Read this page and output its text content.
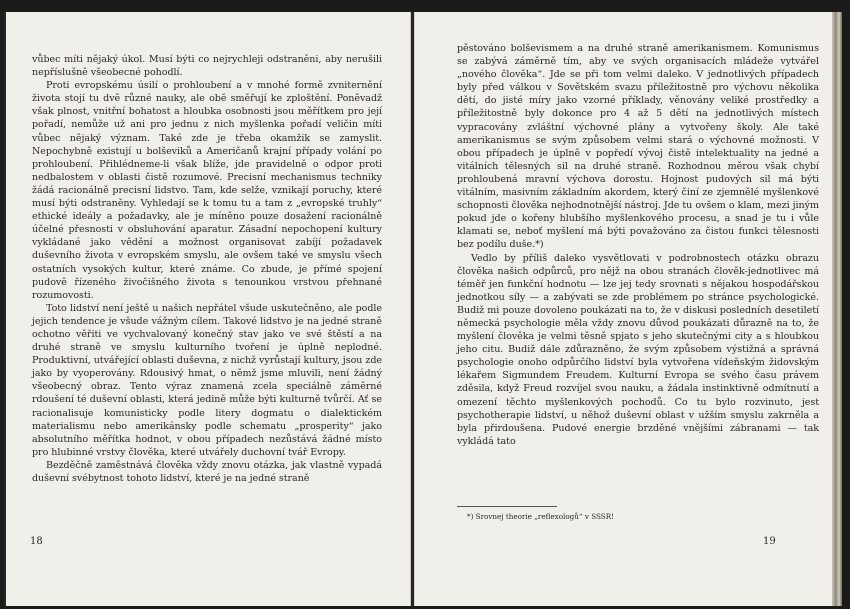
vůbec míti nějaký úkol. Musí býti co nejrychleji odstraněni, aby nerušili nepříslušně všeobecné pohodlí.

Proti evropskému úsilí o prohloubení a v mnohé formě zvniternění života stojí tu dvě různé nauky, ale obě směřují ke zploštění. Poněvadž však plnost, vnitřní bohatost a hloubka osobnosti jsou měřítkem pro její pořadí, nemůže už ani pro jednu z nich myšlenka pořadí veličin míti vůbec nějaký význam. Také zde je třeba okamžik se zamyslit. Nepochybně existují u bolševiků a Američanů krajní případy volání po prohloubení. Přihlédneme-li však blíže, jde pravidelně o odpor proti nedbalostem v oblasti čistě rozumové. Precisní mechanismus techniky žádá racionálně precisní lidstvo. Tam, kde selže, vznikají poruchy, které musí býti odstraněny. Vyhledají se k tomu tu a tam z „evropské truhly“ ethické ideály a požadavky, ale je míněno pouze dosažení racionálně účelné přesnosti v obsluhování aparatur. Zásadní nepochopení kultury vykládané jako vědění a možnost organisovat zabíjí požadavek duševního života v evropském smyslu, ale ovšem také ve smyslu všech ostatních vysokých kultur, které známe. Co zbude, je přímé spojení pudově řízeného živočišného života s tenounkou vrstvou přehnané rozumovosti.

Toto lidství není ještě u našich nepřátel všude uskutečněno, ale podle jejich tendence je všude vážným cílem. Takové lidstvo je na jedné straně ochotno věřiti ve vychvalovaný konečný stav jako ve své štěstí a na druhé straně ve smyslu kulturního tvoření je úplně neplodné. Produktivní, utvářející oblasti duševna, z nichž vyrůstají kultury, jsou zde jako by vyoperovány. Rdousivý hmat, o němž jsme mluvili, není žádný všeobecný obraz. Tento výraz znamená zcela speciálně záměrné rdoušení té duševní oblasti, která jedině může býti kulturně tvůrčí. Ať se racionalisuje komunisticky podle litery dogmatu o dialektickém materialismu nebo amerikánsky podle schematu „prosperity“ jako absolutního měřítka hodnot, v obou případech nezůstává žádné místo pro hlubinné vrstvy člověka, které utvářely duchovní tvář Evropy.

Bezděčně zaměstnává člověka vždy znovu otázka, jak vlastně vypadá duševní svébytnost tohoto lidství, které je na jedné straně

18

pěstováno bolševismem a na druhé straně amerikanismem. Komunismus se zabývá záměrně tím, aby ve svých organisacích mládeže vytvářel „nového člověka“. Jde se při tom velmi daleko. V jednotlivých případech byly před válkou v Sovětském svazu příležitostně pro výchovu několika dětí, do jisté míry jako vzorné příklady, věnovány veliké prostředky a příležitostně byly dokonce pro 4 až 5 dětí na jednotlivých místech vypracovány zvláštní výchovné plány a vytvořeny školy. Ale také amerikanismus se svým způsobem velmi stará o výchovné možnosti. V obou případech je úplně v popředí vývoj čistě intelektuality na jedné a vitálních tělesných sil na druhé straně. Rozhodnou měrou však chybí prohloubená mravní výchova dorostu. Hojnost pudových sil má býti vitálním, masivním základním akordem, který činí ze zjemnělé myšlenkové schopnosti člověka nejhodnotnější nástroj. Jde tu ovšem o klam, mezi jiným pokud jde o kořeny hlubšího myšlenkového procesu, a snad je tu i vůle klamati se, neboť myšlení má býti považováno za čistou funkci tělesnosti bez podílu duše.*)

Vedlo by příliš daleko vysvětlovati v podrobnostech otázku obrazu člověka našich odpůrců, pro nějž na obou stranách člověk-jednotlivec má téměř jen funkční hodnotu — lze jej tedy srovnati s nějakou hospodářskou jednotkou síly — a zabývati se zde problémem po stránce psychologické. Budiž mi pouze dovoleno poukázati na to, že v diskusi posledních desetiletí německá psychologie měla vždy znovu důvod poukázati důrazně na to, že myšlení člověka je velmi těsně spjato s jeho skutečnými city a s hloubkou jeho citu. Budiž dále zdůrazněno, že svým způsobem výstižná a správná psychologie onoho odpůrčího lidství byla vytvořena vídeňským židovským lékařem Sigmundem Freudem. Kulturní Evropa se svého času právem zděsila, když Freud rozvíjel svou nauku, a žádala instinktivně odmítnutí a omezení těchto myšlenkových pochodů. Co tu bylo rozvinuto, jest psychotherapie lidství, u něhož duševní oblast v užším smyslu zakrněla a byla přirdoušena. Pudové energie brzděné vnějšími zábranami — tak vykládá tato

*) Srovnej theorie „reflexologů“ v SSSR!
19
